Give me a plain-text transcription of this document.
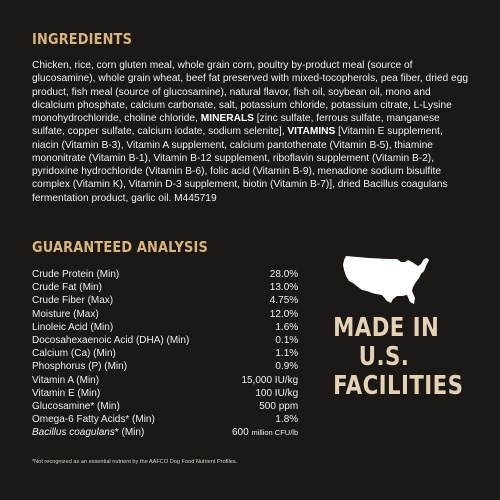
INGREDIENTS
Chicken, rice, corn gluten meal, whole grain corn, poultry by-product meal (source of glucosamine), whole grain wheat, beef fat preserved with mixed-tocopherols, pea fiber, dried egg product, fish meal (source of glucosamine), natural flavor, fish oil, soybean oil, mono and dicalcium phosphate, calcium carbonate, salt, potassium chloride, potassium citrate, L-Lysine monohydrochloride, choline chloride, MINERALS [zinc sulfate, ferrous sulfate, manganese sulfate, copper sulfate, calcium iodate, sodium selenite], VITAMINS [Vitamin E supplement, niacin (Vitamin B-3), Vitamin A supplement, calcium pantothenate (Vitamin B-5), thiamine mononitrate (Vitamin B-1), Vitamin B-12 supplement, riboflavin supplement (Vitamin B-2), pyridoxine hydrochloride (Vitamin B-6), folic acid (Vitamin B-9), menadione sodium bisulfite complex (Vitamin K), Vitamin D-3 supplement, biotin (Vitamin B-7)], dried Bacillus coagulans fermentation product, garlic oil. M445719
GUARANTEED ANALYSIS
Crude Protein (Min)	28.0%
Crude Fat (Min)	13.0%
Crude Fiber (Max)	4.75%
Moisture (Max)	12.0%
Linoleic Acid (Min)	1.6%
Docosahexaenoic Acid (DHA) (Min)	0.1%
Calcium (Ca) (Min)	1.1%
Phosphorus (P) (Min)	0.9%
Vitamin A (Min)	15,000 IU/kg
Vitamin E (Min)	100 IU/kg
Glucosamine* (Min)	500 ppm
Omega-6 Fatty Acids* (Min)	1.8%
Bacillus coagulans* (Min)	600 million CFU/lb
*Not recognized as an essential nutrient by the AAFCO Dog Food Nutrient Profiles.
MADE IN
U.S.
FACILITIES
